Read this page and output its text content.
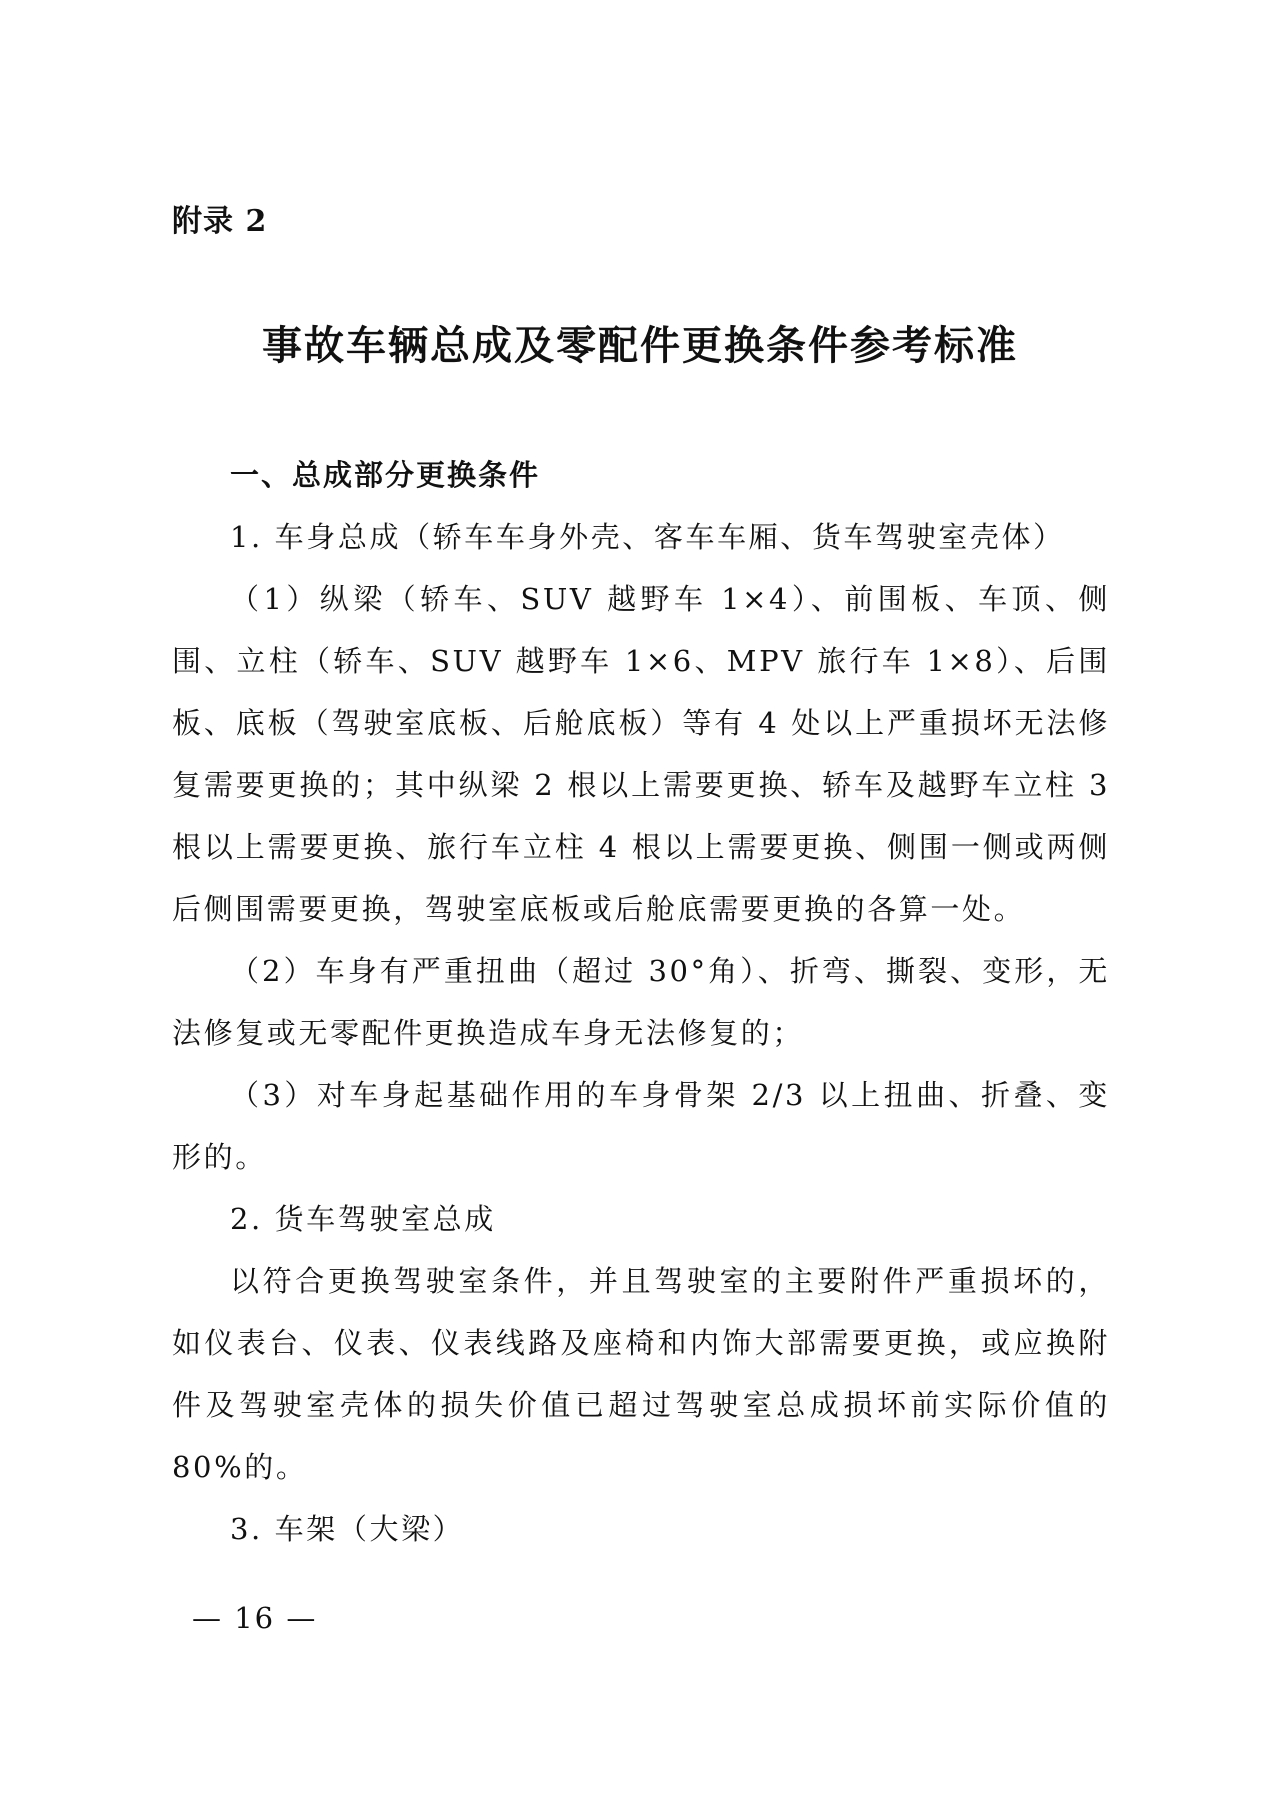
附录 2
事故车辆总成及零配件更换条件参考标准

一、总成部分更换条件

1. 车身总成（轿车车身外壳、客车车厢、货车驾驶室壳体）

（1）纵梁（轿车、SUV 越野车 1×4）、前围板、车顶、侧围、立柱（轿车、SUV 越野车 1×6、MPV 旅行车 1×8）、后围板、底板（驾驶室底板、后舱底板）等有 4 处以上严重损坏无法修复需要更换的；其中纵梁 2 根以上需要更换、轿车及越野车立柱 3 根以上需要更换、旅行车立柱 4 根以上需要更换、侧围一侧或两侧后侧围需要更换，驾驶室底板或后舱底需要更换的各算一处。

（2）车身有严重扭曲（超过 30°角）、折弯、撕裂、变形，无法修复或无零配件更换造成车身无法修复的；

（3）对车身起基础作用的车身骨架 2/3 以上扭曲、折叠、变形的。

2. 货车驾驶室总成

以符合更换驾驶室条件，并且驾驶室的主要附件严重损坏的，如仪表台、仪表、仪表线路及座椅和内饰大部需要更换，或应换附件及驾驶室壳体的损失价值已超过驾驶室总成损坏前实际价值的 80%的。

3. 车架（大梁）

— 16 —
